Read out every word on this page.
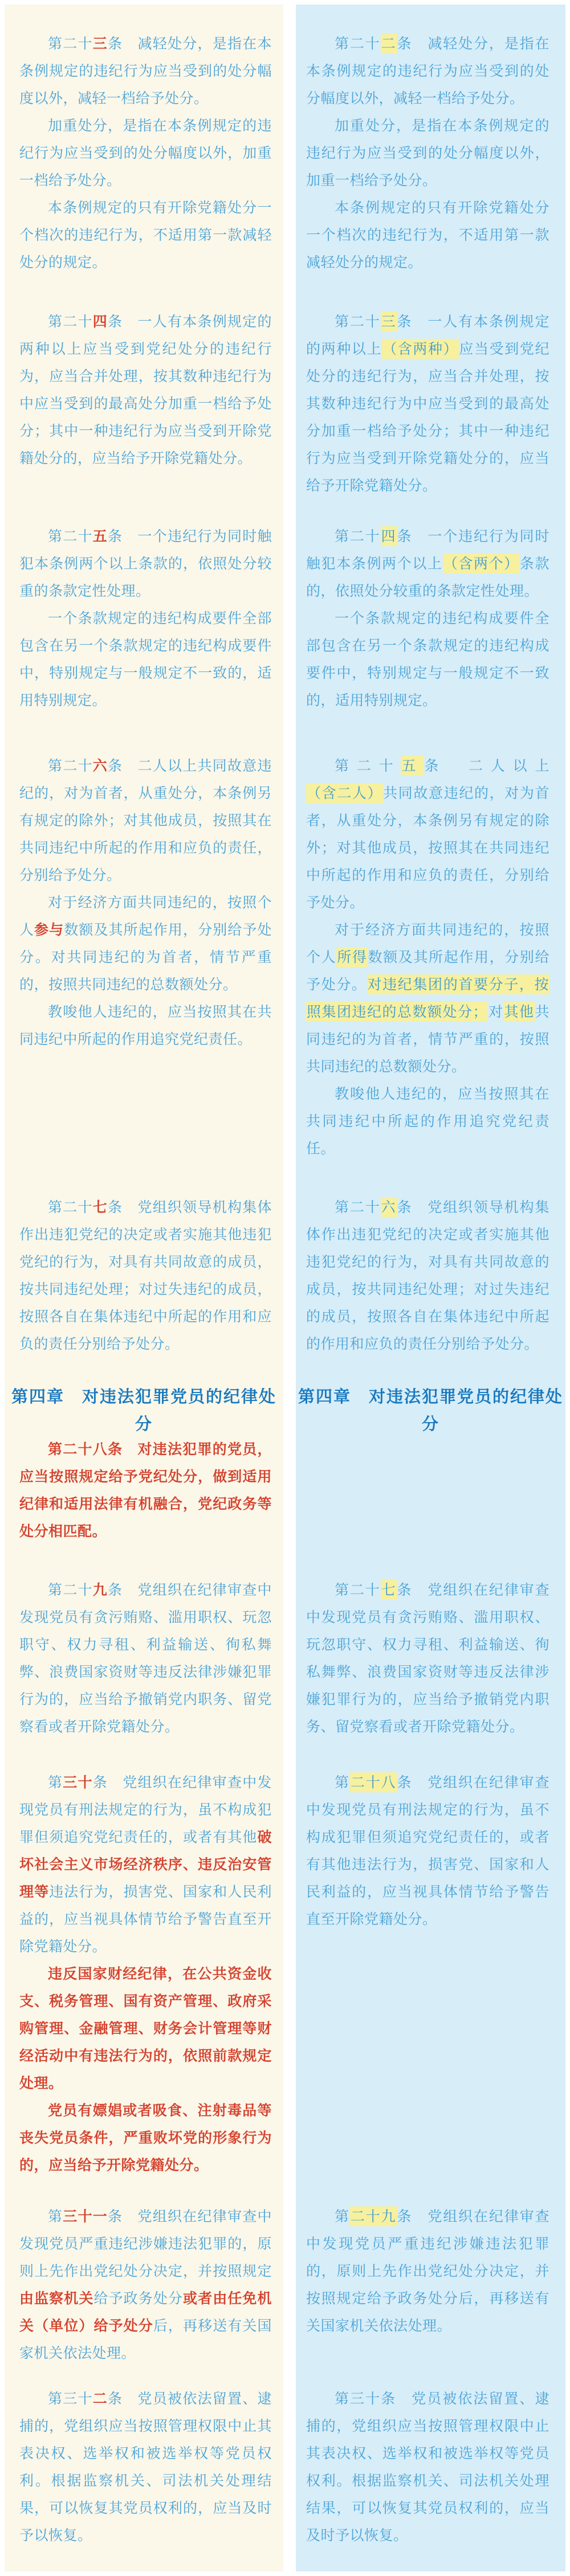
第二十三条　 减轻处分，是指在本条例规定的违纪行为应当受到的处分幅度以外，减轻一档给予处分。

加重处分，是指在本条例规定的违纪行为应当受到的处分幅度以外，加重一档给予处分。

本条例规定的只有开除党籍处分一个档次的违纪行为，不适用第一款减轻处分的规定。

第二十四条　 一人有本条例规定的两种以上应当受到党纪处分的违纪行为，应当合并处理，按其数种违纪行为中应当受到的最高处分加重一档给予处分；其中一种违纪行为应当受到开除党籍处分的，应当给予开除党籍处分。

第二十五条　 一个违纪行为同时触犯本条例两个以上条款的，依照处分较重的条款定性处理。

一个条款规定的违纪构成要件全部包含在另一个条款规定的违纪构成要件中，特别规定与一般规定不一致的，适用特别规定。

第二十六条　 二人以上共同故意违纪的，对为首者，从重处分，本条例另有规定的除外；对其他成员，按照其在共同违纪中所起的作用和应负的责任，分别给予处分。

对于经济方面共同违纪的，按照个人参与数额及其所起作用，分别给予处分。对共同违纪的为首者，情节严重的，按照共同违纪的总数额处分。

教唆他人违纪的，应当按照其在共同违纪中所起的作用追究党纪责任。

第二十七条　 党组织领导机构集体作出违犯党纪的决定或者实施其他违犯党纪的行为，对具有共同故意的成员，按共同违纪处理；对过失违纪的成员，按照各自在集体违纪中所起的作用和应负的责任分别给予处分。

第四章　对违法犯罪党员的纪律处分

第二十八条　 对违法犯罪的党员，应当按照规定给予党纪处分，做到适用纪律和适用法律有机融合，党纪政务等处分相匹配。

第二十九条　 党组织在纪律审查中发现党员有贪污贿赂、滥用职权、玩忽职守、权力寻租、利益输送、徇私舞弊、浪费国家资财等违反法律涉嫌犯罪行为的，应当给予撤销党内职务、留党察看或者开除党籍处分。

第三十条　 党组织在纪律审查中发现党员有刑法规定的行为，虽不构成犯罪但须追究党纪责任的，或者有其他破坏社会主义市场经济秩序、违反治安管理等违法行为，损害党、国家和人民利益的，应当视具体情节给予警告直至开除党籍处分。

违反国家财经纪律，在公共资金收支、税务管理、国有资产管理、政府采购管理、金融管理、财务会计管理等财经活动中有违法行为的，依照前款规定处理。

党员有嫖娼或者吸食、注射毒品等丧失党员条件，严重败坏党的形象行为的，应当给予开除党籍处分。

第三十一条　 党组织在纪律审查中发现党员严重违纪涉嫌违法犯罪的，原则上先作出党纪处分决定，并按照规定由监察机关给予政务处分或者由任免机关（单位）给予处分后，再移送有关国家机关依法处理。

第三十二条　 党员被依法留置、逮捕的，党组织应当按照管理权限中止其表决权、选举权和被选举权等党员权利。根据监察机关、司法机关处理结果，可以恢复其党员权利的，应当及时予以恢复。

第二十二条　 减轻处分，是指在本条例规定的违纪行为应当受到的处分幅度以外，减轻一档给予处分。

加重处分，是指在本条例规定的违纪行为应当受到的处分幅度以外，加重一档给予处分。

本条例规定的只有开除党籍处分一个档次的违纪行为，不适用第一款减轻处分的规定。

第二十三条　 一人有本条例规定的两种以上（含两种）应当受到党纪处分的违纪行为，应当合并处理，按其数种违纪行为中应当受到的最高处分加重一档给予处分；其中一种违纪行为应当受到开除党籍处分的，应当给予开除党籍处分。

第二十四条　 一个违纪行为同时触犯本条例两个以上（含两个）条款的，依照处分较重的条款定性处理。

一个条款规定的违纪构成要件全部包含在另一个条款规定的违纪构成要件中，特别规定与一般规定不一致的，适用特别规定。

第二十五条　 二人以上（含二人）共同故意违纪的，对为首者，从重处分，本条例另有规定的除外；对其他成员，按照其在共同违纪中所起的作用和应负的责任，分别给予处分。

对于经济方面共同违纪的，按照个人所得数额及其所起作用，分别给予处分。对违纪集团的首要分子，按照集团违纪的总数额处分；对其他共同违纪的为首者，情节严重的，按照共同违纪的总数额处分。

教唆他人违纪的，应当按照其在共同违纪中所起的作用追究党纪责任。

第二十六条　 党组织领导机构集体作出违犯党纪的决定或者实施其他违犯党纪的行为，对具有共同故意的成员，按共同违纪处理；对过失违纪的成员，按照各自在集体违纪中所起的作用和应负的责任分别给予处分。

第四章　对违法犯罪党员的纪律处分

第二十七条　 党组织在纪律审查中发现党员有贪污贿赂、滥用职权、玩忽职守、权力寻租、利益输送、徇私舞弊、浪费国家资财等违反法律涉嫌犯罪行为的，应当给予撤销党内职务、留党察看或者开除党籍处分。

第二十八条　 党组织在纪律审查中发现党员有刑法规定的行为，虽不构成犯罪但须追究党纪责任的，或者有其他违法行为，损害党、国家和人民利益的，应当视具体情节给予警告直至开除党籍处分。

第二十九条　 党组织在纪律审查中发现党员严重违纪涉嫌违法犯罪的，原则上先作出党纪处分决定，并按照规定给予政务处分后，再移送有关国家机关依法处理。

第三十条　 党员被依法留置、逮捕的，党组织应当按照管理权限中止其表决权、选举权和被选举权等党员权利。根据监察机关、司法机关处理结果，可以恢复其党员权利的，应当及时予以恢复。
